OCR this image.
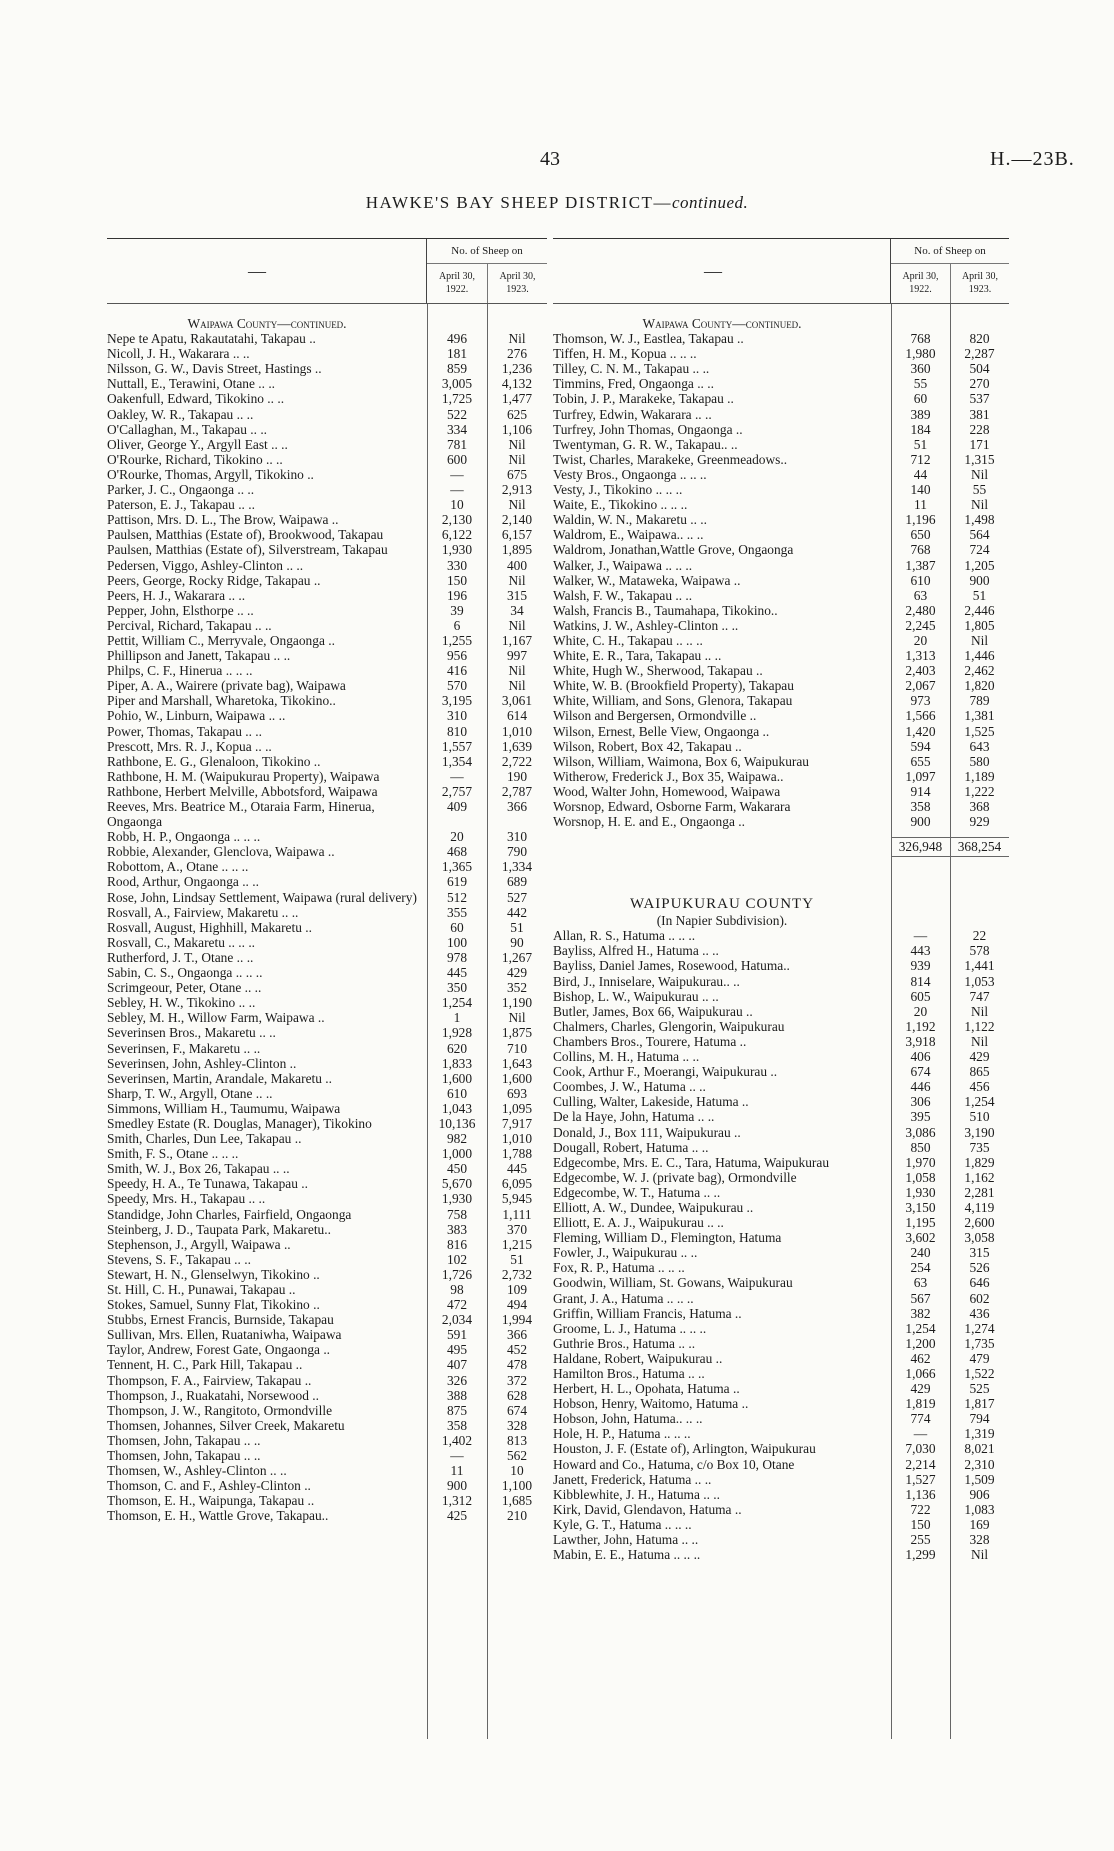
43	H.—23B.
HAWKE'S BAY SHEEP DISTRICT—continued.
—
No. of Sheep on
April 30, 1922.
April 30, 1923.
Waipawa County—continued.
Nepe te Apatu, Rakautatahi, Takapau ..	496	Nil
Nicoll, J. H., Wakarara .. ..	181	276
Nilsson, G. W., Davis Street, Hastings ..	859	1,236
Nuttall, E., Terawini, Otane .. ..	3,005	4,132
Oakenfull, Edward, Tikokino .. ..	1,725	1,477
Oakley, W. R., Takapau .. ..	522	625
O'Callaghan, M., Takapau .. ..	334	1,106
Oliver, George Y., Argyll East .. ..	781	Nil
O'Rourke, Richard, Tikokino .. ..	600	Nil
O'Rourke, Thomas, Argyll, Tikokino ..	—	675
Parker, J. C., Ongaonga .. ..	—	2,913
Paterson, E. J., Takapau .. ..	10	Nil
Pattison, Mrs. D. L., The Brow, Waipawa ..	2,130	2,140
Paulsen, Matthias (Estate of), Brookwood, Takapau	6,122	6,157
Paulsen, Matthias (Estate of), Silverstream, Takapau	1,930	1,895
Pedersen, Viggo, Ashley-Clinton .. ..	330	400
Peers, George, Rocky Ridge, Takapau ..	150	Nil
Peers, H. J., Wakarara .. ..	196	315
Pepper, John, Elsthorpe .. ..	39	34
Percival, Richard, Takapau .. ..	6	Nil
Pettit, William C., Merryvale, Ongaonga ..	1,255	1,167
Phillipson and Janett, Takapau .. ..	956	997
Philps, C. F., Hinerua .. .. ..	416	Nil
Piper, A. A., Wairere (private bag), Waipawa	570	Nil
Piper and Marshall, Wharetoka, Tikokino..	3,195	3,061
Pohio, W., Linburn, Waipawa .. ..	310	614
Power, Thomas, Takapau .. ..	810	1,010
Prescott, Mrs. R. J., Kopua .. ..	1,557	1,639
Rathbone, E. G., Glenaloon, Tikokino ..	1,354	2,722
Rathbone, H. M. (Waipukurau Property), Waipawa	—	190
Rathbone, Herbert Melville, Abbotsford, Waipawa	2,757	2,787
Reeves, Mrs. Beatrice M., Otaraia Farm, Hinerua, Ongaonga
409	366
Robb, H. P., Ongaonga .. .. ..	20	310
Robbie, Alexander, Glenclova, Waipawa ..	468	790
Robottom, A., Otane .. .. ..	1,365	1,334
Rood, Arthur, Ongaonga .. ..	619	689
Rose, John, Lindsay Settlement, Waipawa (rural delivery)	512	527
Rosvall, A., Fairview, Makaretu .. ..	355	442
Rosvall, August, Highhill, Makaretu ..	60	51
Rosvall, C., Makaretu .. .. ..	100	90
Rutherford, J. T., Otane .. ..	978	1,267
Sabin, C. S., Ongaonga .. .. ..	445	429
Scrimgeour, Peter, Otane .. ..	350	352
Sebley, H. W., Tikokino .. ..	1,254	1,190
Sebley, M. H., Willow Farm, Waipawa ..	1	Nil
Severinsen Bros., Makaretu .. ..	1,928	1,875
Severinsen, F., Makaretu .. ..	620	710
Severinsen, John, Ashley-Clinton ..	1,833	1,643
Severinsen, Martin, Arandale, Makaretu ..	1,600	1,600
Sharp, T. W., Argyll, Otane .. ..	610	693
Simmons, William H., Taumumu, Waipawa	1,043	1,095
Smedley Estate (R. Douglas, Manager), Tikokino	10,136	7,917
Smith, Charles, Dun Lee, Takapau ..	982	1,010
Smith, F. S., Otane .. .. ..	1,000	1,788
Smith, W. J., Box 26, Takapau .. ..	450	445
Speedy, H. A., Te Tunawa, Takapau ..	5,670	6,095
Speedy, Mrs. H., Takapau .. ..	1,930	5,945
Standidge, John Charles, Fairfield, Ongaonga	758	1,111
Steinberg, J. D., Taupata Park, Makaretu..	383	370
Stephenson, J., Argyll, Waipawa ..	816	1,215
Stevens, S. F., Takapau .. ..	102	51
Stewart, H. N., Glenselwyn, Tikokino ..	1,726	2,732
St. Hill, C. H., Punawai, Takapau ..	98	109
Stokes, Samuel, Sunny Flat, Tikokino ..	472	494
Stubbs, Ernest Francis, Burnside, Takapau	2,034	1,994
Sullivan, Mrs. Ellen, Ruataniwha, Waipawa	591	366
Taylor, Andrew, Forest Gate, Ongaonga ..	495	452
Tennent, H. C., Park Hill, Takapau ..	407	478
Thompson, F. A., Fairview, Takapau ..	326	372
Thompson, J., Ruakatahi, Norsewood ..	388	628
Thompson, J. W., Rangitoto, Ormondville	875	674
Thomsen, Johannes, Silver Creek, Makaretu	358	328
Thomsen, John, Takapau .. ..	1,402	813
Thomsen, John, Takapau .. ..	—	562
Thomsen, W., Ashley-Clinton .. ..	11	10
Thomson, C. and F., Ashley-Clinton ..	900	1,100
Thomson, E. H., Waipunga, Takapau ..	1,312	1,685
Thomson, E. H., Wattle Grove, Takapau..	425	210
—
No. of Sheep on
April 30, 1922.
April 30, 1923.
Waipawa County—continued.
Thomson, W. J., Eastlea, Takapau ..	768	820
Tiffen, H. M., Kopua .. .. ..	1,980	2,287
Tilley, C. N. M., Takapau .. ..	360	504
Timmins, Fred, Ongaonga .. ..	55	270
Tobin, J. P., Marakeke, Takapau ..	60	537
Turfrey, Edwin, Wakarara .. ..	389	381
Turfrey, John Thomas, Ongaonga ..	184	228
Twentyman, G. R. W., Takapau.. ..	51	171
Twist, Charles, Marakeke, Greenmeadows..	712	1,315
Vesty Bros., Ongaonga .. .. ..	44	Nil
Vesty, J., Tikokino .. .. ..	140	55
Waite, E., Tikokino .. .. ..	11	Nil
Waldin, W. N., Makaretu .. ..	1,196	1,498
Waldrom, E., Waipawa.. .. ..	650	564
Waldrom, Jonathan,Wattle Grove, Ongaonga	768	724
Walker, J., Waipawa .. .. ..	1,387	1,205
Walker, W., Mataweka, Waipawa ..	610	900
Walsh, F. W., Takapau .. ..	63	51
Walsh, Francis B., Taumahapa, Tikokino..	2,480	2,446
Watkins, J. W., Ashley-Clinton .. ..	2,245	1,805
White, C. H., Takapau .. .. ..	20	Nil
White, E. R., Tara, Takapau .. ..	1,313	1,446
White, Hugh W., Sherwood, Takapau ..	2,403	2,462
White, W. B. (Brookfield Property), Takapau	2,067	1,820
White, William, and Sons, Glenora, Takapau	973	789
Wilson and Bergersen, Ormondville ..	1,566	1,381
Wilson, Ernest, Belle View, Ongaonga ..	1,420	1,525
Wilson, Robert, Box 42, Takapau ..	594	643
Wilson, William, Waimona, Box 6, Waipukurau	655	580
Witherow, Frederick J., Box 35, Waipawa..	1,097	1,189
Wood, Walter John, Homewood, Waipawa	914	1,222
Worsnop, Edward, Osborne Farm, Wakarara	358	368
Worsnop, H. E. and E., Ongaonga ..	900	929
326,948	368,254
WAIPUKURAU COUNTY
(In Napier Subdivision).
Allan, R. S., Hatuma .. .. ..	—	22
Bayliss, Alfred H., Hatuma .. ..	443	578
Bayliss, Daniel James, Rosewood, Hatuma..	939	1,441
Bird, J., Inniselare, Waipukurau.. ..	814	1,053
Bishop, L. W., Waipukurau .. ..	605	747
Butler, James, Box 66, Waipukurau ..	20	Nil
Chalmers, Charles, Glengorin, Waipukurau	1,192	1,122
Chambers Bros., Tourere, Hatuma ..	3,918	Nil
Collins, M. H., Hatuma .. ..	406	429
Cook, Arthur F., Moerangi, Waipukurau ..	674	865
Coombes, J. W., Hatuma .. ..	446	456
Culling, Walter, Lakeside, Hatuma ..	306	1,254
De la Haye, John, Hatuma .. ..	395	510
Donald, J., Box 111, Waipukurau ..	3,086	3,190
Dougall, Robert, Hatuma .. ..	850	735
Edgecombe, Mrs. E. C., Tara, Hatuma, Waipukurau	1,970	1,829
Edgecombe, W. J. (private bag), Ormondville	1,058	1,162
Edgecombe, W. T., Hatuma .. ..	1,930	2,281
Elliott, A. W., Dundee, Waipukurau ..	3,150	4,119
Elliott, E. A. J., Waipukurau .. ..	1,195	2,600
Fleming, William D., Flemington, Hatuma	3,602	3,058
Fowler, J., Waipukurau .. ..	240	315
Fox, R. P., Hatuma .. .. ..	254	526
Goodwin, William, St. Gowans, Waipukurau	63	646
Grant, J. A., Hatuma .. .. ..	567	602
Griffin, William Francis, Hatuma ..	382	436
Groome, L. J., Hatuma .. .. ..	1,254	1,274
Guthrie Bros., Hatuma .. ..	1,200	1,735
Haldane, Robert, Waipukurau ..	462	479
Hamilton Bros., Hatuma .. ..	1,066	1,522
Herbert, H. L., Opohata, Hatuma ..	429	525
Hobson, Henry, Waitomo, Hatuma ..	1,819	1,817
Hobson, John, Hatuma.. .. ..	774	794
Hole, H. P., Hatuma .. .. ..	—	1,319
Houston, J. F. (Estate of), Arlington, Waipukurau	7,030	8,021
Howard and Co., Hatuma, c/o Box 10, Otane	2,214	2,310
Janett, Frederick, Hatuma .. ..	1,527	1,509
Kibblewhite, J. H., Hatuma .. ..	1,136	906
Kirk, David, Glendavon, Hatuma ..	722	1,083
Kyle, G. T., Hatuma .. .. ..	150	169
Lawther, John, Hatuma .. ..	255	328
Mabin, E. E., Hatuma .. .. ..	1,299	Nil
